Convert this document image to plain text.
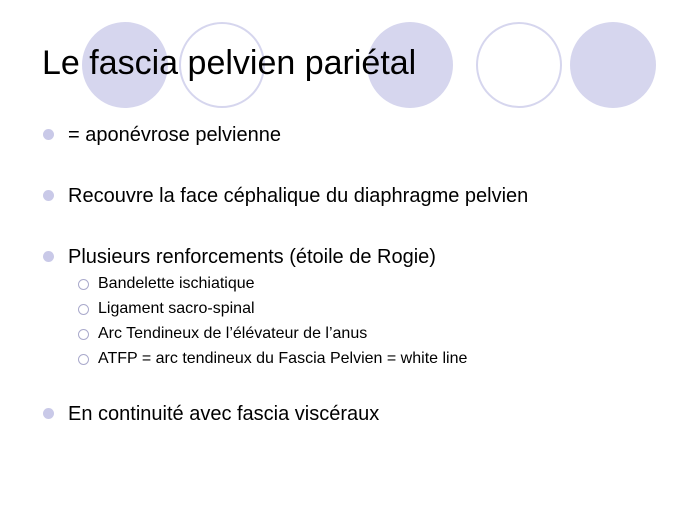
Le fascia pelvien pariétal
= aponévrose pelvienne
Recouvre la face céphalique du diaphragme pelvien
Plusieurs renforcements (étoile de Rogie)
Bandelette ischiatique
Ligament sacro-spinal
Arc Tendineux de l’élévateur de l’anus
ATFP = arc tendineux du Fascia Pelvien = white line
En continuité avec fascia viscéraux
